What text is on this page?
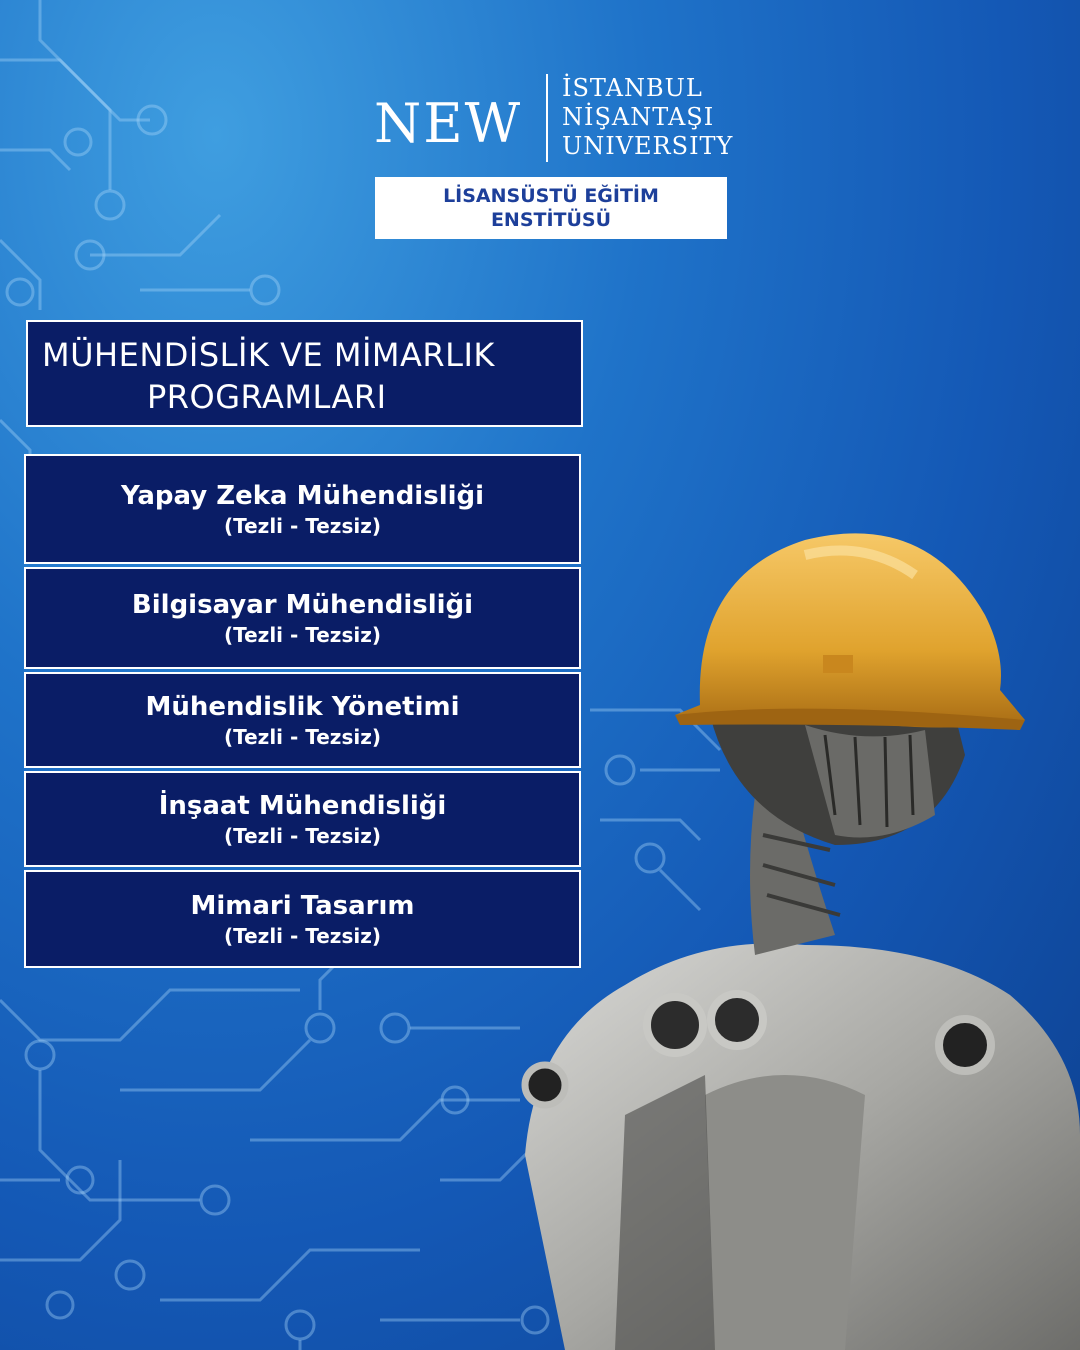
NEW
İSTANBUL
NİŞANTAŞI
UNIVERSITY
LİSANSÜSTÜ EĞİTİM
ENSTİTÜSÜ
MÜHENDİSLİK VE MİMARLIK
PROGRAMLARI
Yapay Zeka Mühendisliği
(Tezli - Tezsiz)
Bilgisayar Mühendisliği
(Tezli - Tezsiz)
Mühendislik Yönetimi
(Tezli - Tezsiz)
İnşaat Mühendisliği
(Tezli - Tezsiz)
Mimari Tasarım
(Tezli - Tezsiz)
